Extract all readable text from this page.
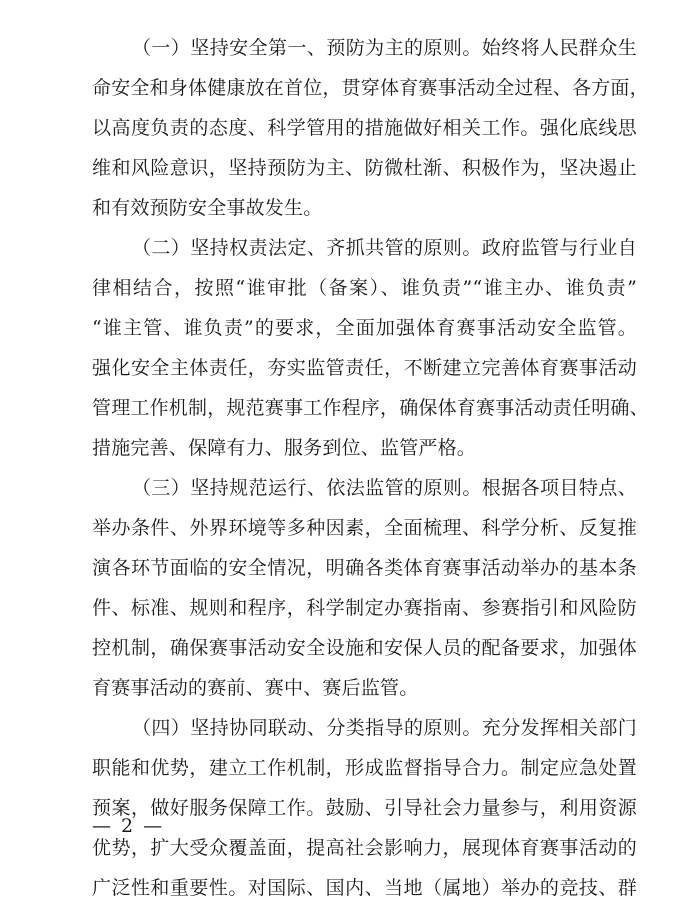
（一）坚持安全第一、预防为主的原则。始终将人民群众生
命安全和身体健康放在首位，贯穿体育赛事活动全过程、各方面，
以高度负责的态度、科学管用的措施做好相关工作。强化底线思
维和风险意识，坚持预防为主、防微杜渐、积极作为，坚决遏止
和有效预防安全事故发生。
（二）坚持权责法定、齐抓共管的原则。政府监管与行业自
律相结合，按照“谁审批（备案）、谁负责”“谁主办、谁负责”
“谁主管、谁负责”的要求，全面加强体育赛事活动安全监管。
强化安全主体责任，夯实监管责任，不断建立完善体育赛事活动
管理工作机制，规范赛事工作程序，确保体育赛事活动责任明确、
措施完善、保障有力、服务到位、监管严格。
（三）坚持规范运行、依法监管的原则。根据各项目特点、
举办条件、外界环境等多种因素，全面梳理、科学分析、反复推
演各环节面临的安全情况，明确各类体育赛事活动举办的基本条
件、标准、规则和程序，科学制定办赛指南、参赛指引和风险防
控机制，确保赛事活动安全设施和安保人员的配备要求，加强体
育赛事活动的赛前、赛中、赛后监管。
（四）坚持协同联动、分类指导的原则。充分发挥相关部门
职能和优势，建立工作机制，形成监督指导合力。制定应急处置
预案，做好服务保障工作。鼓励、引导社会力量参与，利用资源
优势，扩大受众覆盖面，提高社会影响力，展现体育赛事活动的
广泛性和重要性。对国际、国内、当地（属地）举办的竞技、群
— 2 —
